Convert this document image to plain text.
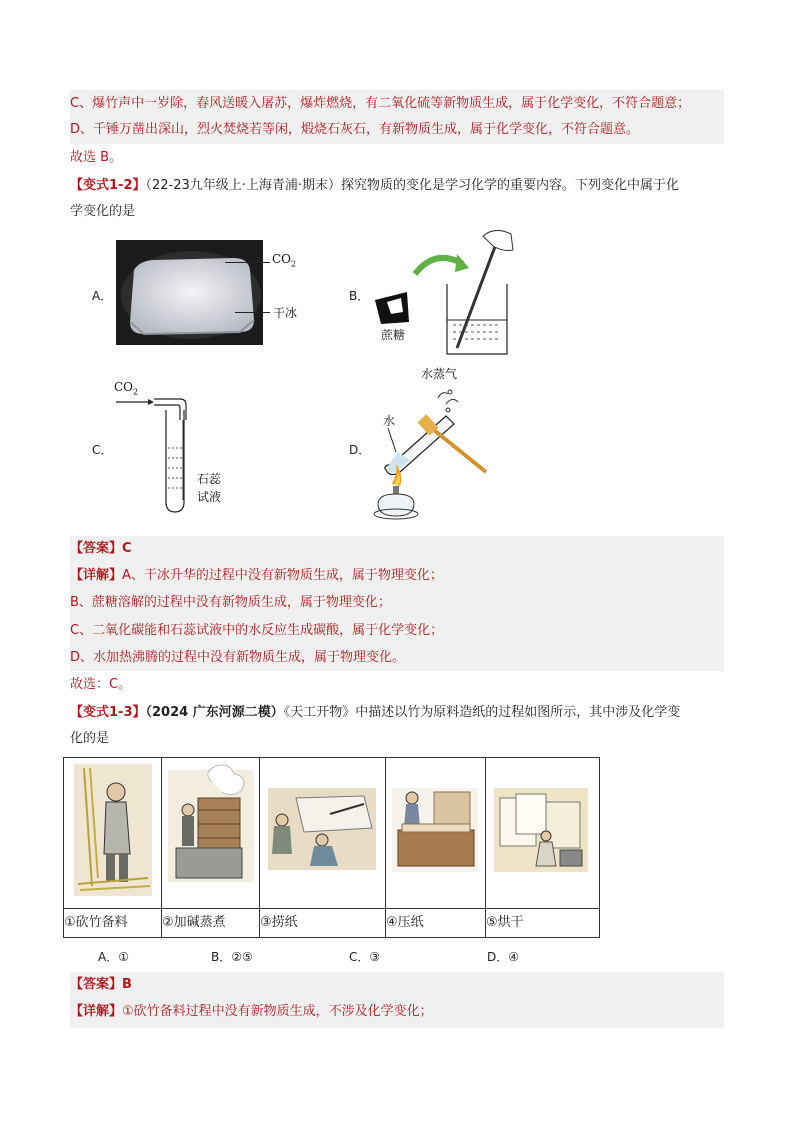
C、爆竹声中一岁除，春风送暖入屠苏，爆炸燃烧，有二氧化硫等新物质生成，属于化学变化，不符合题意；
D、千锤万凿出深山，烈火焚烧若等闲，煅烧石灰石，有新物质生成，属于化学变化，不符合题意。
故选 B。
【变式1-2】（22-23九年级上·上海青浦·期末）探究物质的变化是学习化学的重要内容。下列变化中属于化
学变化的是
A．
$CO_2$
干冰
B．
蔗糖
C．
$CO_2$
石蕊
试液
D．
水蒸气
水
【答案】C
【详解】A、干冰升华的过程中没有新物质生成，属于物理变化；
B、蔗糖溶解的过程中没有新物质生成，属于物理变化；
C、二氧化碳能和石蕊试液中的水反应生成碳酸，属于化学变化；
D、水加热沸腾的过程中没有新物质生成，属于物理变化。
故选：C。
【变式1-3】（2024 广东河源二模）《天工开物》中描述以竹为原料造纸的过程如图所示，其中涉及化学变
化的是

①砍竹备料	②加碱蒸煮	③捞纸	④压纸	⑤烘干
A．①	B．②⑤	C．③	D．④
【答案】B
【详解】①砍竹备料过程中没有新物质生成，不涉及化学变化；
